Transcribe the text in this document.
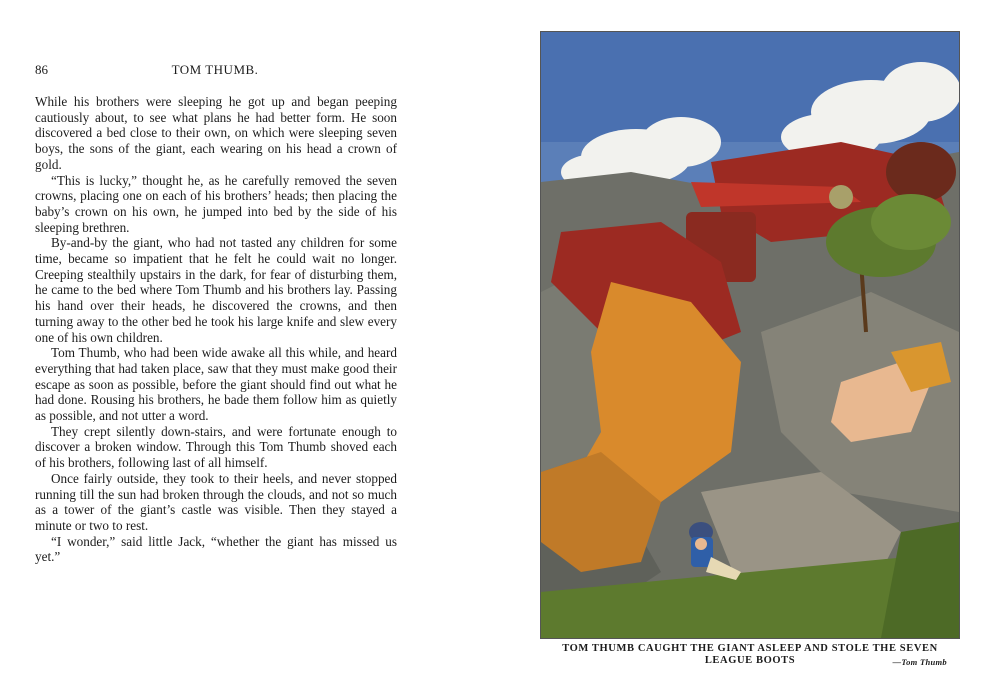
86	TOM THUMB.

While his brothers were sleeping he got up and began peeping cautiously about, to see what plans he had better form. He soon discovered a bed close to their own, on which were sleeping seven boys, the sons of the giant, each wearing on his head a crown of gold.

“This is lucky,” thought he, as he carefully removed the seven crowns, placing one on each of his brothers’ heads; then placing the baby’s crown on his own, he jumped into bed by the side of his sleeping brethren.

By-and-by the giant, who had not tasted any children for some time, became so impatient that he felt he could wait no longer. Creeping stealthily upstairs in the dark, for fear of disturbing them, he came to the bed where Tom Thumb and his brothers lay. Passing his hand over their heads, he discovered the crowns, and then turning away to the other bed he took his large knife and slew every one of his own children.

Tom Thumb, who had been wide awake all this while, and heard everything that had taken place, saw that they must make good their escape as soon as possible, before the giant should find out what he had done. Rousing his brothers, he bade them follow him as quietly as possible, and not utter a word.

They crept silently down-stairs, and were fortunate enough to discover a broken window. Through this Tom Thumb shoved each of his brothers, following last of all himself.

Once fairly outside, they took to their heels, and never stopped running till the sun had broken through the clouds, and not so much as a tower of the giant’s castle was visible. Then they stayed a minute or two to rest.

“I wonder,” said little Jack, “whether the giant has missed us yet.”

TOM THUMB CAUGHT THE GIANT ASLEEP AND STOLE THE SEVEN LEAGUE BOOTS	—Tom Thumb
